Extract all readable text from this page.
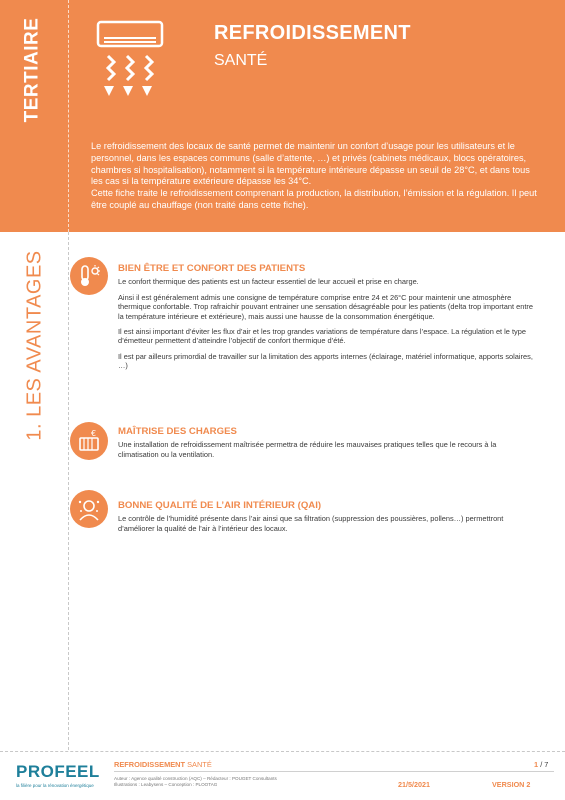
TERTIAIRE	REFROIDISSEMENT
SANTÉ

Le refroidissement des locaux de santé permet de maintenir un confort d’usage pour les utilisateurs et le personnel, dans les espaces communs (salle d’attente, …) et privés (cabinets médicaux, blocs opératoires, chambres si hospitalisation), notamment si la température intérieure dépasse un seuil de 28°C, et dans tous les cas si la température extérieure dépasse les 34°C.

Cette fiche traite le refroidissement comprenant la production, la distribution, l’émission et la régulation. Il peut être couplé au chauffage (non traité dans cette fiche).

1. LES AVANTAGES	BIEN ÊTRE ET CONFORT DES PATIENTS

Le confort thermique des patients est un facteur essentiel de leur accueil et prise en charge.

Ainsi il est généralement admis une consigne de température comprise entre 24 et 26°C pour maintenir une atmosphère thermique confortable. Trop rafraichir pouvant entrainer une sensation désagréable pour les patients (delta trop important entre la température intérieure et extérieure), mais aussi une hausse de la consommation énergétique.

Il est ainsi important d’éviter les flux d’air et les trop grandes variations de température dans l’espace. La régulation et le type d’émetteur permettent d’atteindre l’objectif de confort thermique d’été.

Il est par ailleurs primordial de travailler sur la limitation des apports internes (éclairage, matériel informatique, apports solaires, …)

€ MAÎTRISE DES CHARGES

Une installation de refroidissement maîtrisée permettra de réduire les mauvaises pratiques telles que le recours à la climatisation ou la ventilation.

BONNE QUALITÉ DE L’AIR INTÉRIEUR (QAI)

Le contrôle de l’humidité présente dans l’air ainsi que sa filtration (suppression des poussières, pollens…) permettront d’améliorer la qualité de l’air à l’intérieur des locaux.

PROFEEL
la filière pour la rénovation énergétique
REFROIDISSEMENT SANTÉ	1 / 7
Auteur : Agence qualité construction (AQC) – Rédacteur : POUGET Consultants
Illustrations : Leabysens – Conception : PLOOTAG	21/5/2021	VERSION 2
